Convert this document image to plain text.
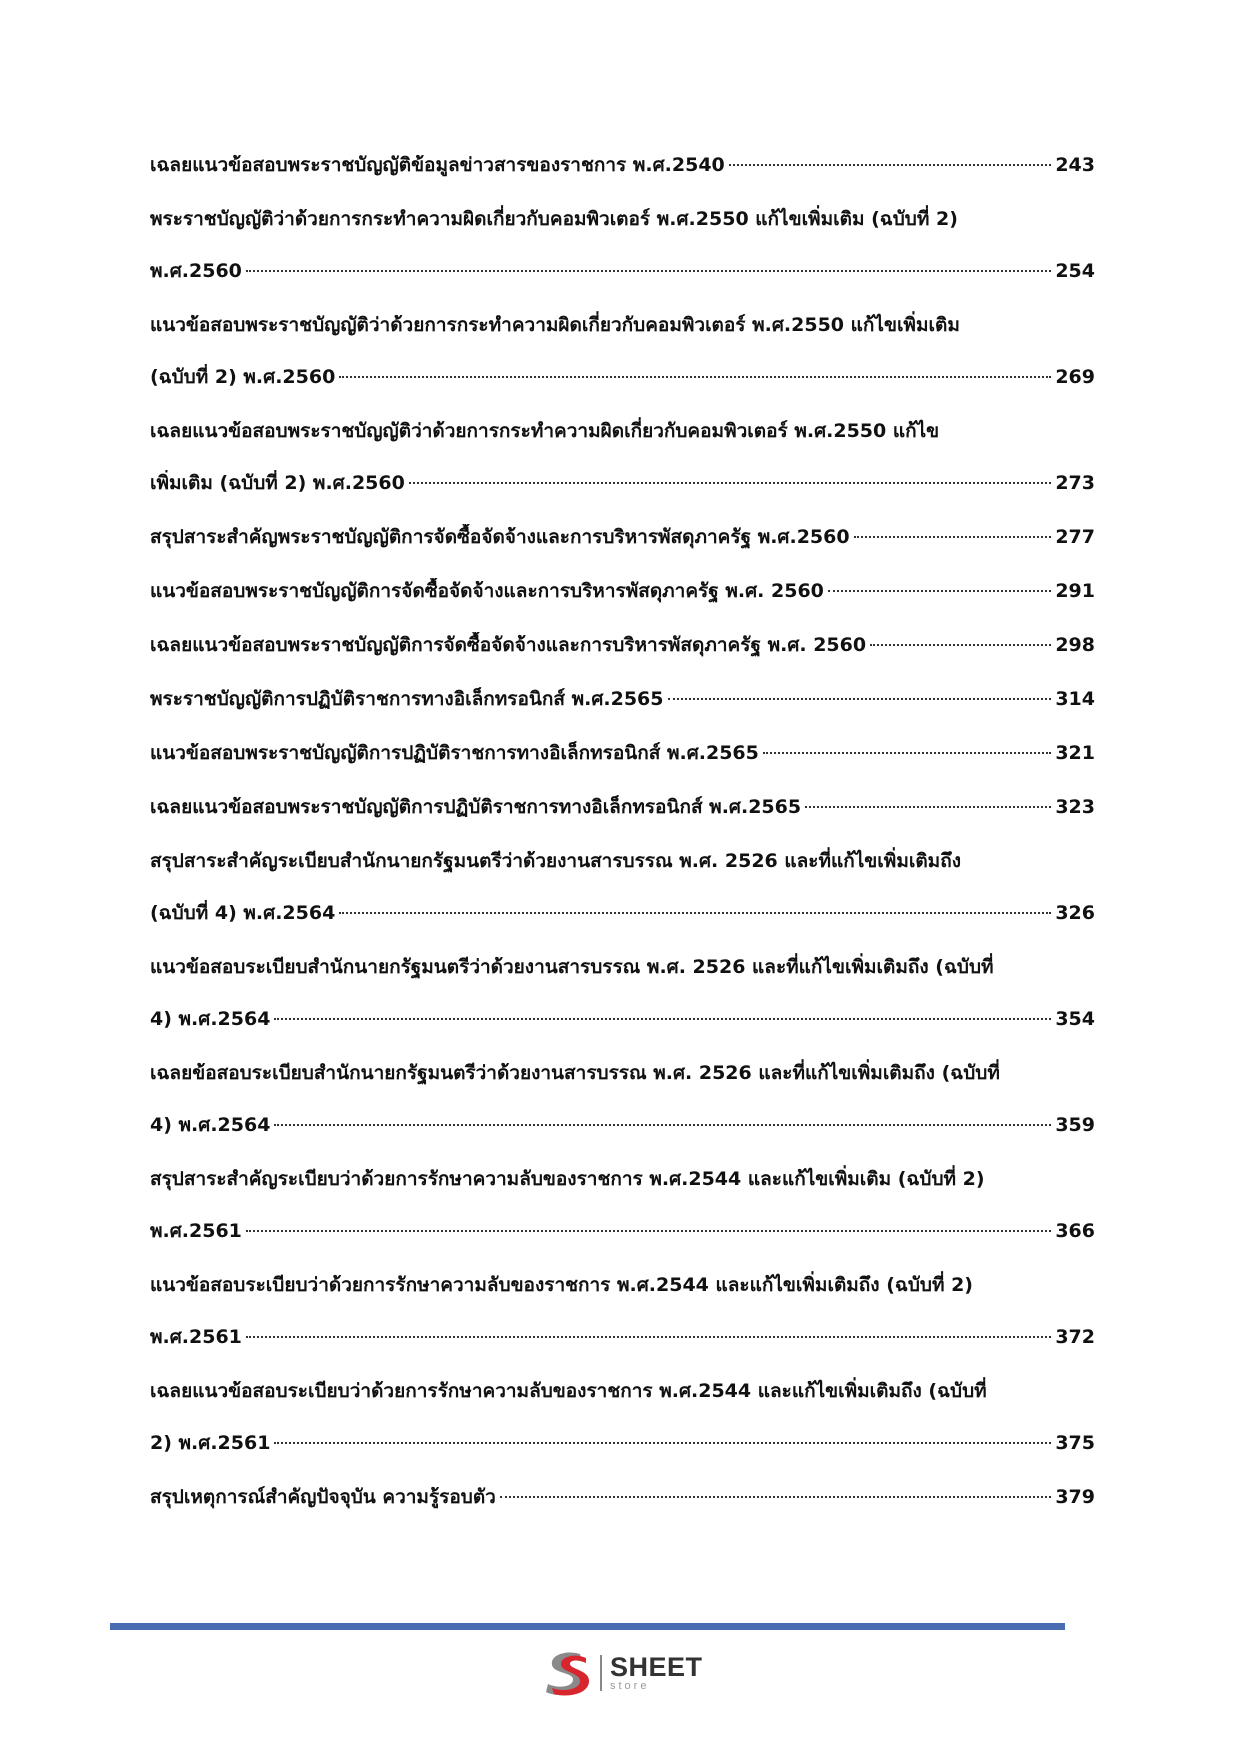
เฉลยแนวข้อสอบพระราชบัญญัติข้อมูลข่าวสารของราชการ พ.ศ.2540	243
พระราชบัญญัติว่าด้วยการกระทำความผิดเกี่ยวกับคอมพิวเตอร์ พ.ศ.2550 แก้ไขเพิ่มเติม (ฉบับที่ 2)
พ.ศ.2560	254
แนวข้อสอบพระราชบัญญัติว่าด้วยการกระทำความผิดเกี่ยวกับคอมพิวเตอร์ พ.ศ.2550 แก้ไขเพิ่มเติม
(ฉบับที่ 2) พ.ศ.2560	269
เฉลยแนวข้อสอบพระราชบัญญัติว่าด้วยการกระทำความผิดเกี่ยวกับคอมพิวเตอร์ พ.ศ.2550 แก้ไข
เพิ่มเติม (ฉบับที่ 2) พ.ศ.2560	273
สรุปสาระสำคัญพระราชบัญญัติการจัดซื้อจัดจ้างและการบริหารพัสดุภาครัฐ พ.ศ.2560	277
แนวข้อสอบพระราชบัญญัติการจัดซื้อจัดจ้างและการบริหารพัสดุภาครัฐ พ.ศ. 2560	291
เฉลยแนวข้อสอบพระราชบัญญัติการจัดซื้อจัดจ้างและการบริหารพัสดุภาครัฐ พ.ศ. 2560	298
พระราชบัญญัติการปฏิบัติราชการทางอิเล็กทรอนิกส์ พ.ศ.2565	314
แนวข้อสอบพระราชบัญญัติการปฏิบัติราชการทางอิเล็กทรอนิกส์ พ.ศ.2565	321
เฉลยแนวข้อสอบพระราชบัญญัติการปฏิบัติราชการทางอิเล็กทรอนิกส์ พ.ศ.2565	323
สรุปสาระสำคัญระเบียบสำนักนายกรัฐมนตรีว่าด้วยงานสารบรรณ พ.ศ. 2526 และที่แก้ไขเพิ่มเติมถึง
(ฉบับที่ 4) พ.ศ.2564	326
แนวข้อสอบระเบียบสำนักนายกรัฐมนตรีว่าด้วยงานสารบรรณ พ.ศ. 2526 และที่แก้ไขเพิ่มเติมถึง (ฉบับที่
4) พ.ศ.2564	354
เฉลยข้อสอบระเบียบสำนักนายกรัฐมนตรีว่าด้วยงานสารบรรณ พ.ศ. 2526 และที่แก้ไขเพิ่มเติมถึง (ฉบับที่
4) พ.ศ.2564	359
สรุปสาระสำคัญระเบียบว่าด้วยการรักษาความลับของราชการ พ.ศ.2544 และแก้ไขเพิ่มเติม (ฉบับที่ 2)
พ.ศ.2561	366
แนวข้อสอบระเบียบว่าด้วยการรักษาความลับของราชการ พ.ศ.2544 และแก้ไขเพิ่มเติมถึง (ฉบับที่ 2)
พ.ศ.2561	372
เฉลยแนวข้อสอบระเบียบว่าด้วยการรักษาความลับของราชการ พ.ศ.2544 และแก้ไขเพิ่มเติมถึง (ฉบับที่
2) พ.ศ.2561	375
สรุปเหตุการณ์สำคัญปัจจุบัน ความรู้รอบตัว	379
SHEET
store
